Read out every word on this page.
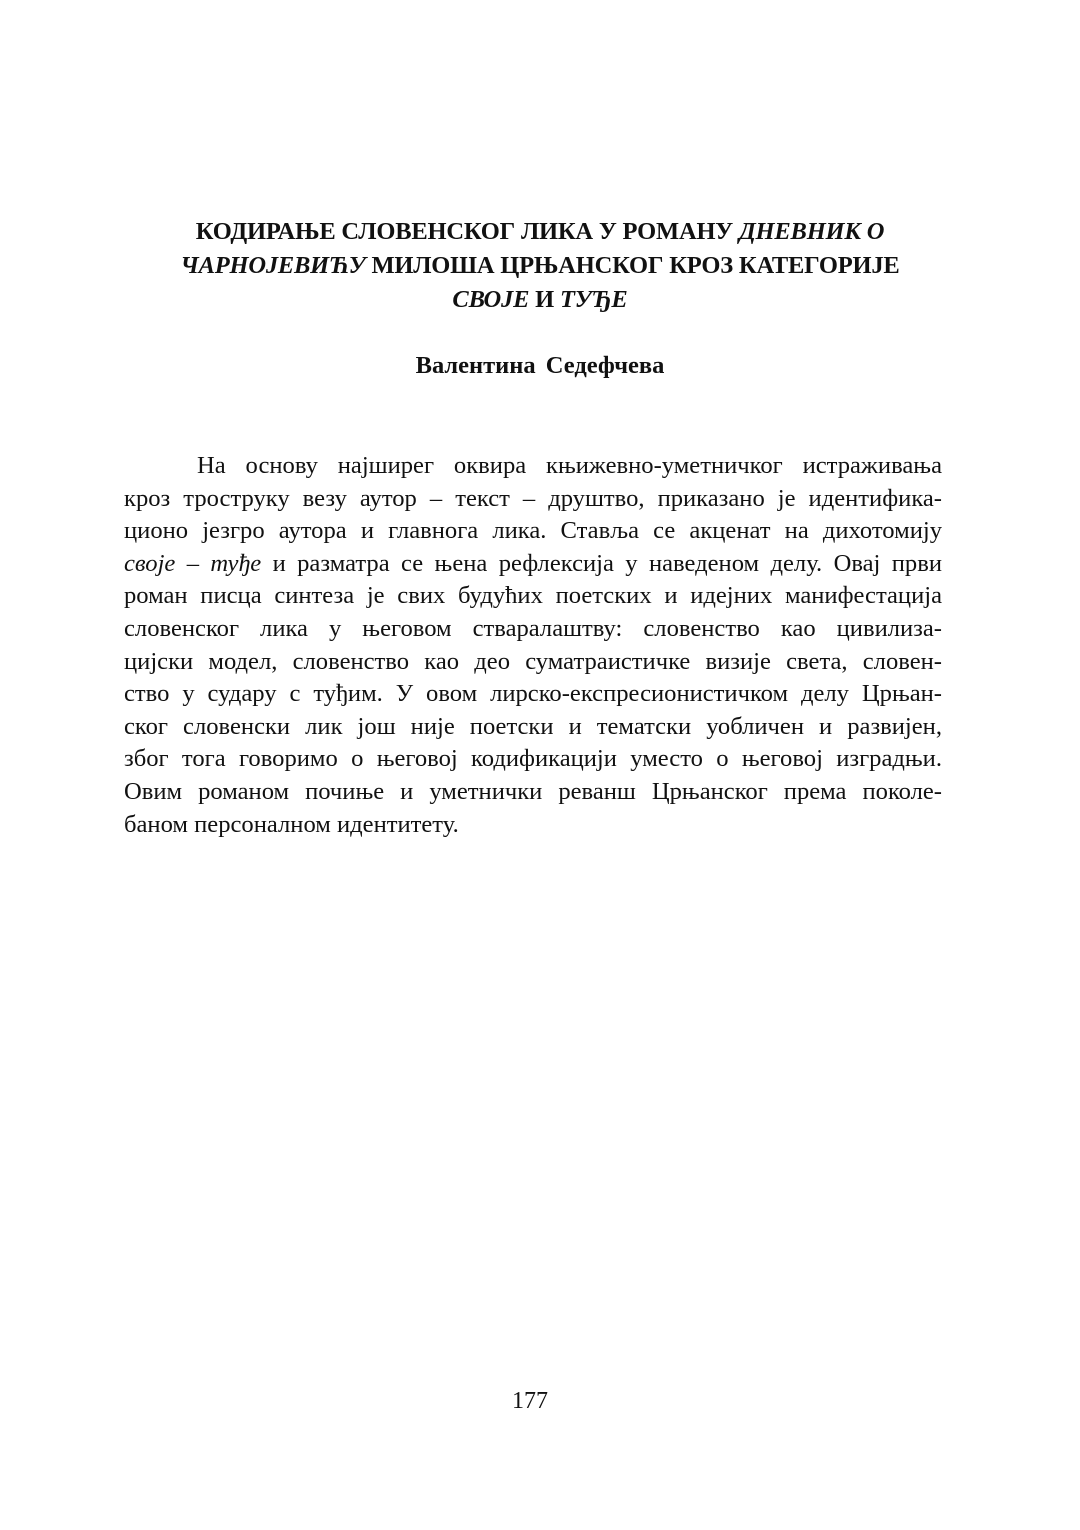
КОДИРАЊЕ СЛОВЕНСКОГ ЛИКА У РОМАНУ ДНЕВНИК О
ЧАРНОЈЕВИЋУ МИЛОША ЦРЊАНСКОГ КРОЗ КАТЕГОРИЈЕ
СВОЈЕ И ТУЂЕ
Валентина Седефчева
На основу најширег оквира књижевно-уметничког истраживања
кроз троструку везу аутор – текст – друштво, приказано је идентифика-
ционо језгро аутора и главнога лика. Ставља се акценат на дихотомију
своје – туђе и разматра се њена рефлексија у наведеном делу. Овај први
роман писца синтеза је свих будућих поетских и идејних манифестација
словенског лика у његовом стваралаштву: словенство као цивилиза-
цијски модел, словенство као део суматраистичке визије света, словен-
ство у судару с туђим. У овом лирско-експресионистичком делу Црњан-
ског словенски лик још није поетски и тематски уобличен и развијен,
због тога говоримо о његовој кодификацији уместо о његовој изградњи.
Овим романом почиње и уметнички реванш Црњанског према поколе-
баном персоналном идентитету.
177
